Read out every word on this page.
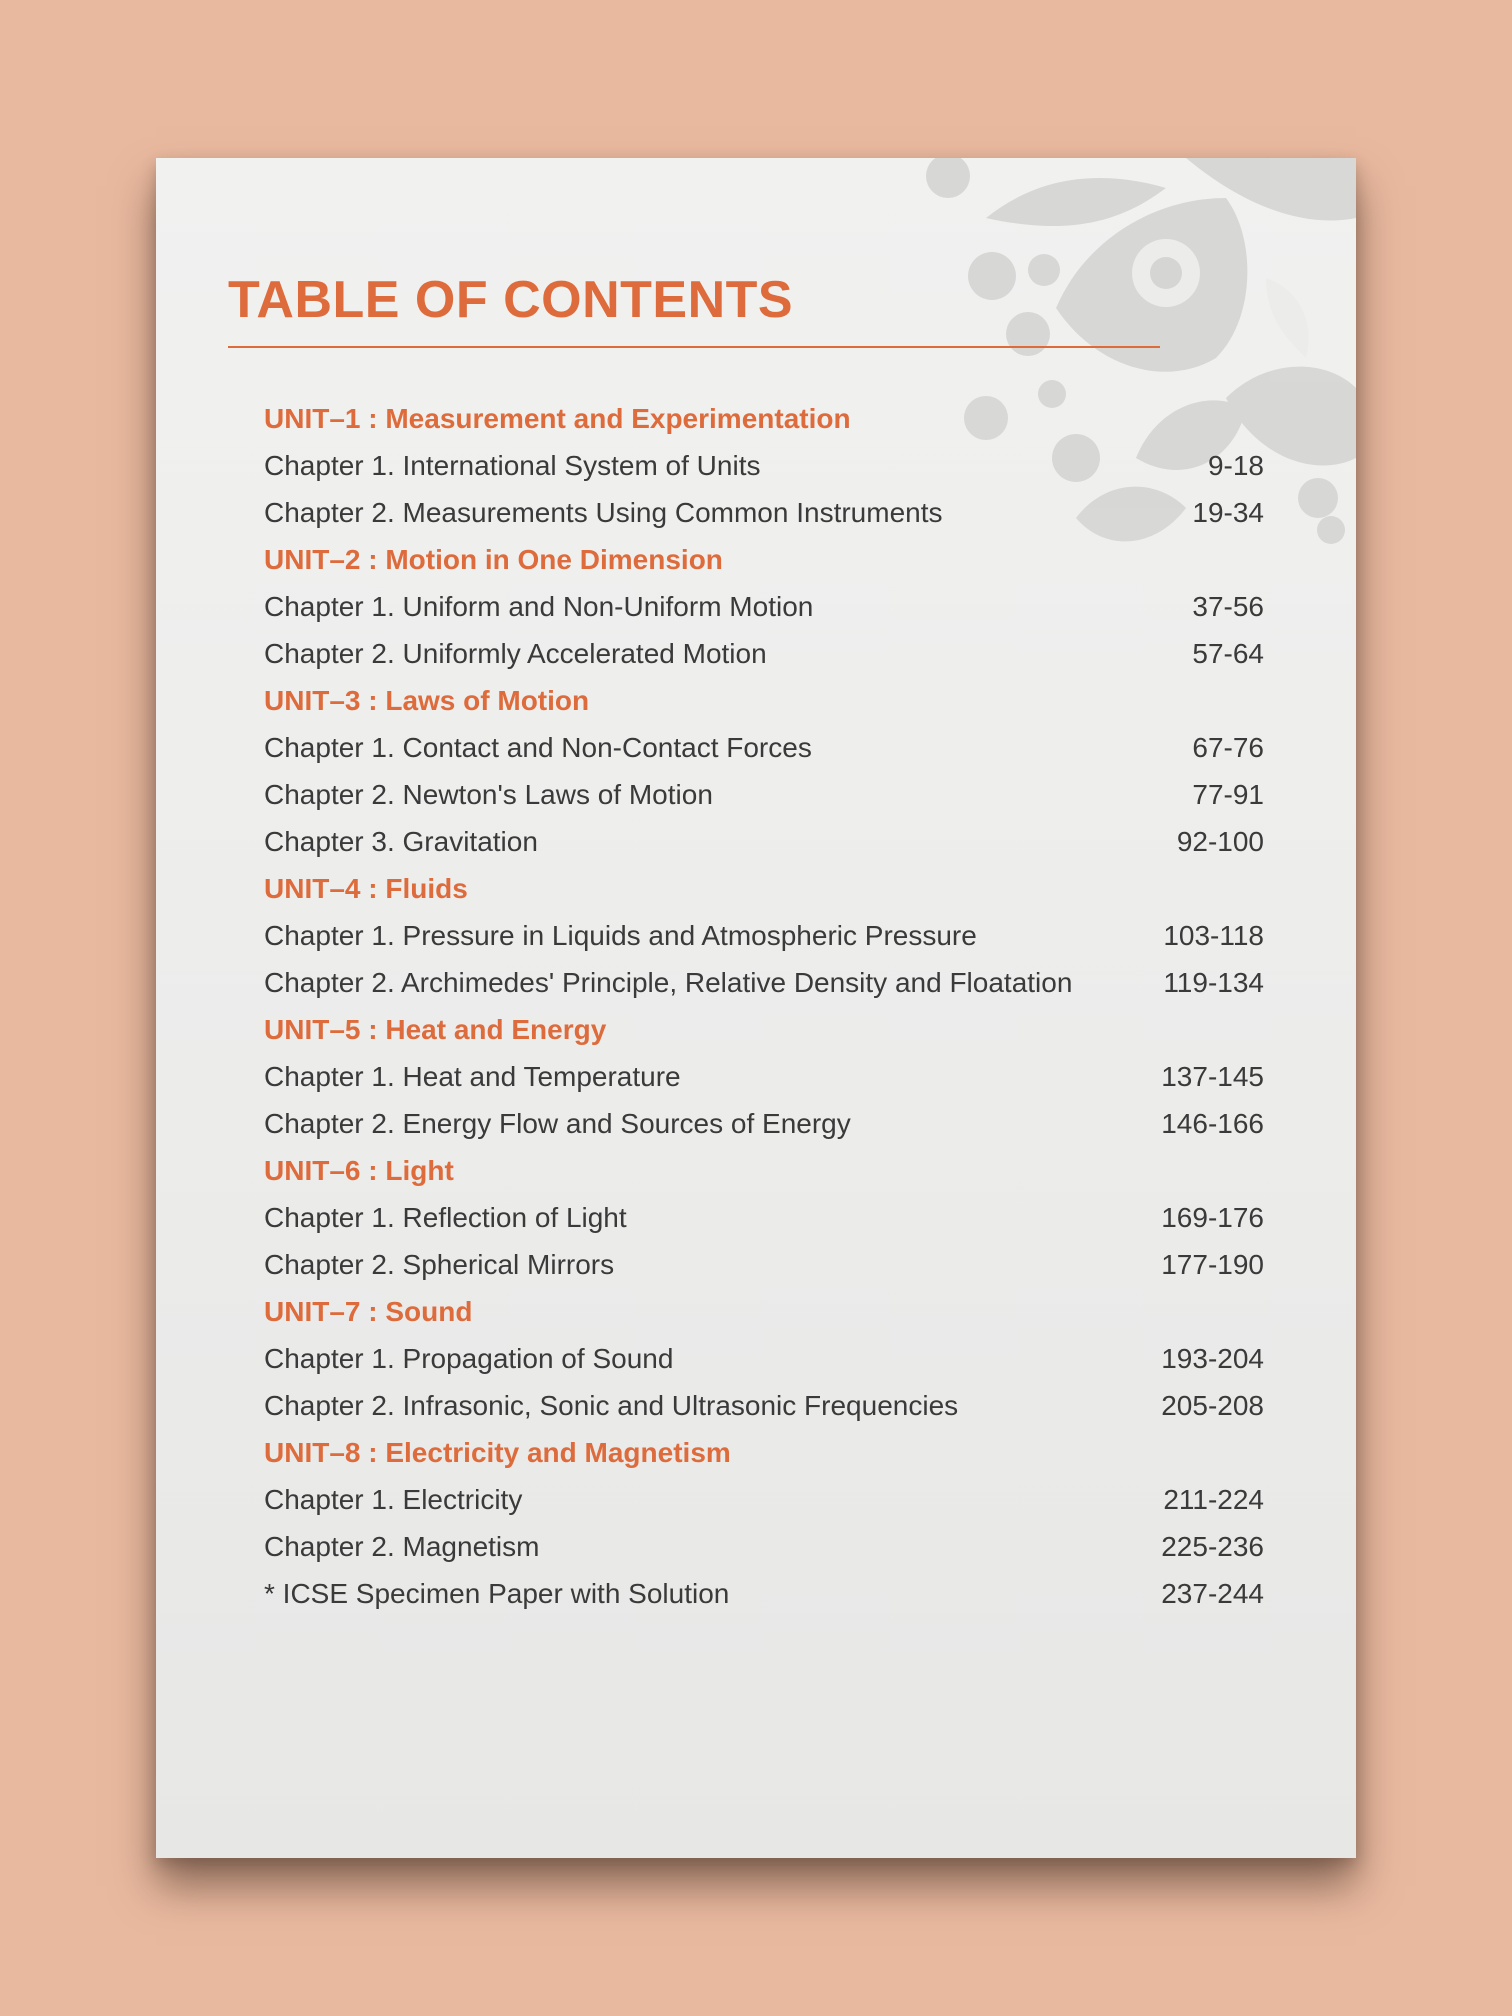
TABLE OF CONTENTS
UNIT–1 : Measurement and Experimentation
Chapter 1. International System of Units	9-18
Chapter 2. Measurements Using Common Instruments	19-34
UNIT–2 : Motion in One Dimension
Chapter 1. Uniform and Non-Uniform Motion	37-56
Chapter 2. Uniformly Accelerated Motion	57-64
UNIT–3 : Laws of Motion
Chapter 1. Contact and Non-Contact Forces	67-76
Chapter 2. Newton's Laws of Motion	77-91
Chapter 3. Gravitation	92-100
UNIT–4 : Fluids
Chapter 1. Pressure in Liquids and Atmospheric Pressure	103-118
Chapter 2. Archimedes' Principle, Relative Density and Floatation	119-134
UNIT–5 : Heat and Energy
Chapter 1. Heat and Temperature	137-145
Chapter 2. Energy Flow and Sources of Energy	146-166
UNIT–6 : Light
Chapter 1. Reflection of Light	169-176
Chapter 2. Spherical Mirrors	177-190
UNIT–7 : Sound
Chapter 1. Propagation of Sound	193-204
Chapter 2. Infrasonic, Sonic and Ultrasonic Frequencies	205-208
UNIT–8 : Electricity and Magnetism
Chapter 1. Electricity	211-224
Chapter 2. Magnetism	225-236
* ICSE Specimen Paper with Solution	237-244
